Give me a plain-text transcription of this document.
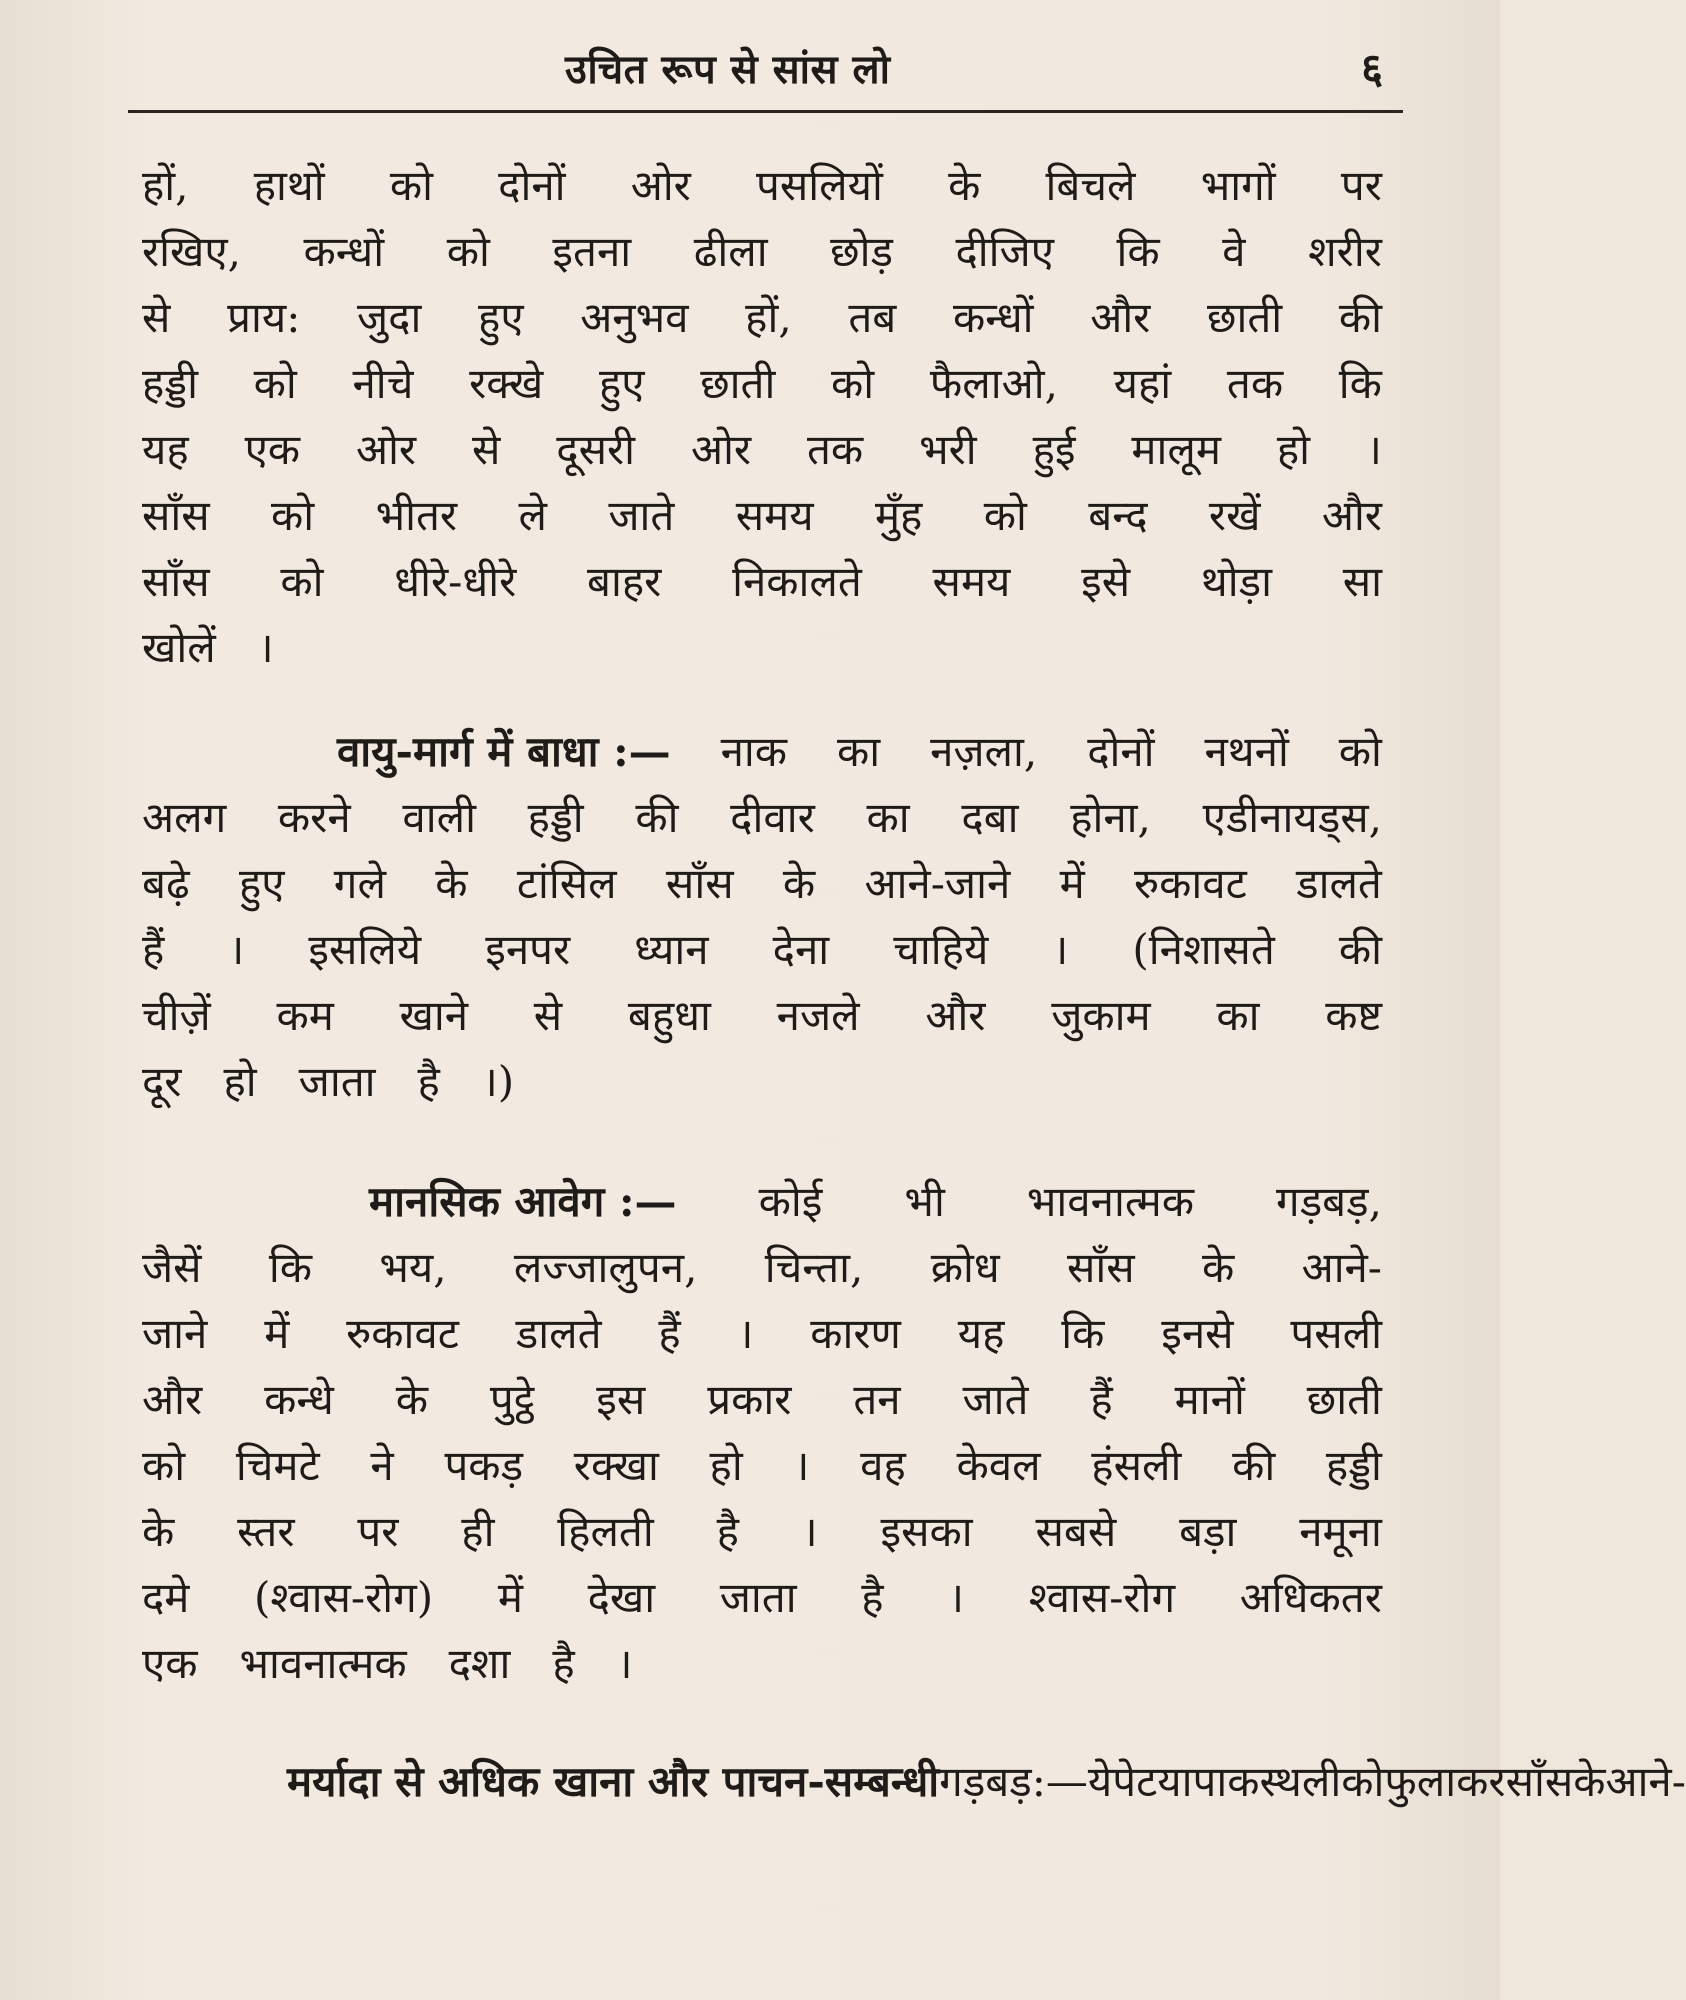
उचित रूप से सांस लो	६
हों, हाथों को दोनों ओर पसलियों के बिचले भागों पर
रखिए, कन्धों को इतना ढीला छोड़ दीजिए कि वे शरीर
से प्राय: जुदा हुए अनुभव हों, तब कन्धों और छाती की
हड्डी को नीचे रक्खे हुए छाती को फैलाओ, यहां तक कि
यह एक ओर से दूसरी ओर तक भरी हुई मालूम हो ।
साँस को भीतर ले जाते समय मुँह को बन्द रखें और
साँस को धीरे-धीरे बाहर निकालते समय इसे थोड़ा सा
खोलें ।
वायु-मार्ग में बाधा :— नाक का नज़ला, दोनों नथनों को
अलग करने वाली हड्डी की दीवार का दबा होना, एडीनायड्स,
बढ़े हुए गले के टांसिल साँस के आने-जाने में रुकावट डालते
हैं । इसलिये इनपर ध्यान देना चाहिये । (निशासते की
चीज़ें कम खाने से बहुधा नजले और जुकाम का कष्ट
दूर हो जाता है ।)
मानसिक आवेग :— कोई भी भावनात्मक गड़बड़,
जैसें कि भय, लज्जालुपन, चिन्ता, क्रोध साँस के आने-
जाने में रुकावट डालते हैं । कारण यह कि इनसे पसली
और कन्धे के पुट्ठे इस प्रकार तन जाते हैं मानों छाती
को चिमटे ने पकड़ रक्खा हो । वह केवल हंसली की हड्डी
के स्तर पर ही हिलती है । इसका सबसे बड़ा नमूना
दमे (श्वास-रोग) में देखा जाता है । श्वास-रोग अधिकतर
एक भावनात्मक दशा है ।
मर्यादा से अधिक खाना और पाचन-सम्बन्धी गड़बड़ :—ये पेट या पाकस्थली को फुला कर साँस के आने-
